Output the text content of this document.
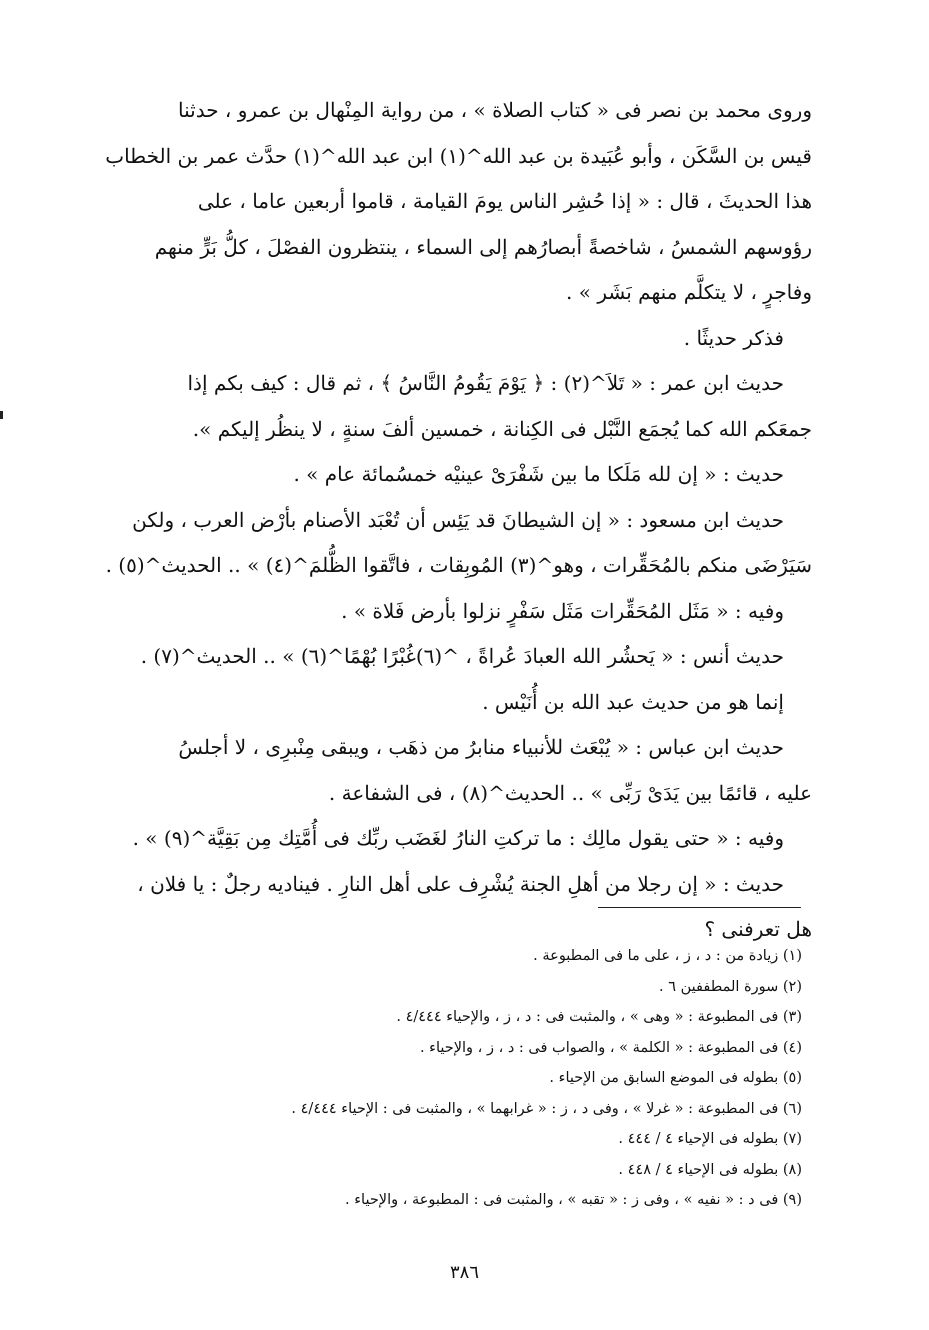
وروى محمد بن نصر فى « كتاب الصلاة » ، من رواية المِنْهال بن عمرو ، حدثنا
قيس بن السَّكَن ، وأبو عُبَيدة بن عبد الله^(١) ابن عبد الله^(١) حدَّث عمر بن الخطاب
هذا الحديثَ ، قال : « إذا حُشِر الناس يومَ القيامة ، قاموا أربعين عاما ، على
رؤوسهم الشمسُ ، شاخصةً أبصارُهم إلى السماء ، ينتظرون الفصْلَ ، كلُّ بَرٍّ منهم
وفاجرٍ ، لا يتكلَّم منهم بَشَر » .
فذكر حديثًا .
حديث ابن عمر : « تَلاَ^(٢) : ﴿ يَوْمَ يَقُومُ النَّاسُ ﴾ ، ثم قال : كيف بكم إذا
جمعَكم الله كما يُجمَع النَّبْل فى الكِنانة ، خمسين ألفَ سنةٍ ، لا ينظُر إليكم ».
حديث : « إن لله مَلَكا ما بين شَفْرَىْ عينيْه خمسُمائة عام » .
حديث ابن مسعود : « إن الشيطانَ قد يَئِس أن تُعْبَد الأصنام بأرْض العرب ، ولكن
سَيَرْضَى منكم بالمُحَقِّرات ، وهو^(٣) المُوبِقات ، فاتَّقوا الظُّلمَ^(٤) » .. الحديث^(٥) .
وفيه : « مَثَل المُحَقِّرات مَثَل سَفْرٍ نزلوا بأرض فَلاة » .
حديث أنس : « يَحشُر الله العبادَ عُراةً ، ^(٦)غُبْرًا بُهْمًا^(٦) » .. الحديث^(٧) .
إنما هو من حديث عبد الله بن أُنَيْس .
حديث ابن عباس : « يُبْعَث للأنبياء منابرُ من ذهَب ، ويبقى مِنْبرِى ، لا أجلسُ
عليه ، قائمًا بين يَدَىْ رَبِّى » .. الحديث^(٨) ، فى الشفاعة .
وفيه : « حتى يقول مالِك : ما تركتِ النارُ لغَضَب ربِّك فى أُمَّتِك مِن بَقِيَّة^(٩) » .
حديث : « إن رجلا من أهلِ الجنة يُشْرِف على أهل النارِ . فيناديه رجلٌ : يا فلان ،
هل تعرفنى ؟
(١) زيادة من : د ، ز ، على ما فى المطبوعة .
(٢) سورة المطففين ٦ .
(٣) فى المطبوعة : « وهى » ، والمثبت فى : د ، ز ، والإحياء ٤/٤٤٤ .
(٤) فى المطبوعة : « الكلمة » ، والصواب فى : د ، ز ، والإحياء .
(٥) بطوله فى الموضع السابق من الإحياء .
(٦) فى المطبوعة : « غرلا » ، وفى د ، ز : « غرابهما » ، والمثبت فى : الإحياء ٤/٤٤٤ .
(٧) بطوله فى الإحياء ٤ / ٤٤٤ .
(٨) بطوله فى الإحياء ٤ / ٤٤٨ .
(٩) فى د : « نفيه » ، وفى ز : « تقبه » ، والمثبت فى : المطبوعة ، والإحياء .
٣٨٦
